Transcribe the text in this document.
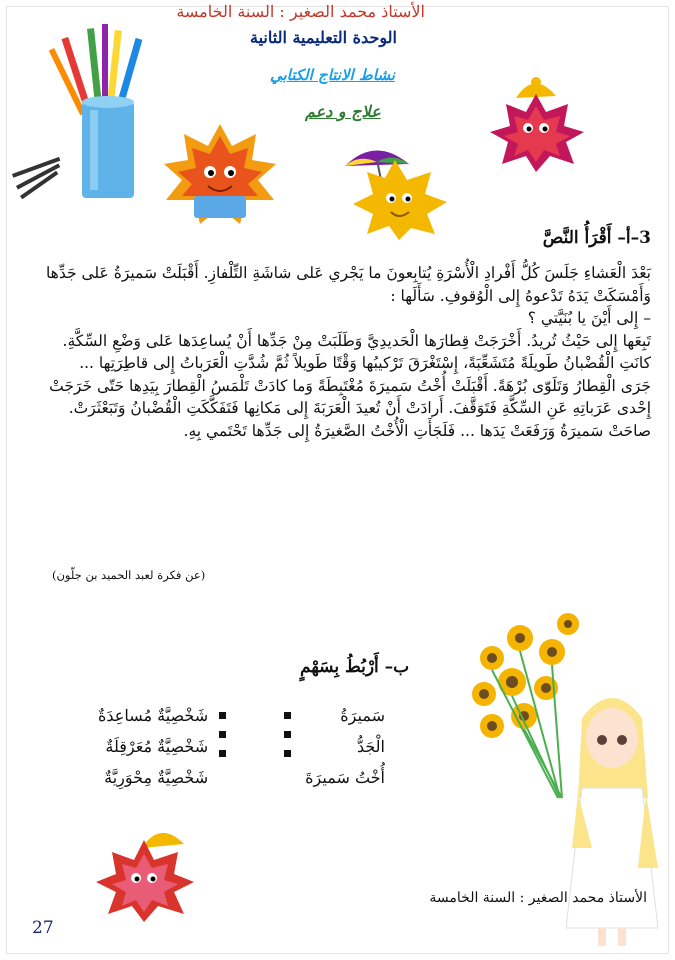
الأستاذ محمد الصغير : السنة الخامسة
الوحدة التعليمية الثانية
نشاط الانتاج الكتابي
علاج و دعم
3–أ– أَقْرَأُ النَّصَّ

بَعْدَ الْعَشاءِ جَلَسَ كُلُّ أَفْرادِ الْأُسْرَةِ يُتابِعونَ ما يَجْري عَلى شاشَةِ التِّلْفازِ. أَقْبَلَتْ سَميرَةُ عَلى جَدِّها وَأَمْسَكَتْ يَدَهُ تَدْعوهُ إِلى الْوُقوفِ. سَأَلَها :

– إِلى أَيْنَ يا بُنَيَّتي ؟

تَبِعَها إِلى حَيْثُ تُريدُ. أَخْرَجَتْ قِطارَها الْحَديدِيَّ وَطَلَبَتْ مِنْ جَدِّها أَنْ يُساعِدَها عَلى وَضْعِ السِّكَّةِ. كانَتِ الْقُضْبانُ طَويلَةً مُتَشَعِّبَةً، إِسْتَغْرَقَ تَرْكيبُها وَقْتًا طَويلاً ثُمَّ شُدَّتِ الْعَرَباتُ إِلى قاطِرَتِها ...

جَرَى الْقِطارُ وَتَلَوّى بُرْهَةً. أَقْبَلَتْ أُخْتُ سَميرَةَ مُغْتَبِطَةً وَما كادَتْ تَلْمَسُ الْقِطارَ بِيَدِها حَتّى خَرَجَتْ إِحْدى عَرَباتِهِ عَنِ السِّكَّةِ فَتَوَقَّفَ. أَرادَتْ أَنْ تُعيدَ الْعَرَبَةَ إِلى مَكانِها فَتَفَكَّكَتِ الْقُضْبانُ وَتَبَعْثَرَتْ.

صاحَتْ سَميرَةُ وَرَفَعَتْ يَدَها ... فَلَجَأَتِ الْأُخْتُ الصَّغيرَةُ إِلى جَدِّها تَحْتَمي بِهِ.

(عن فكرة لعبد الحميد بن جلّون)
ب– أَرْبُطُ بِسَهْمٍ
سَميرَةُ
الْجَدُّ
أُخْتُ سَميرَةَ
شَخْصِيَّةٌ مُساعِدَةٌ
شَخْصِيَّةٌ مُعَرْقِلَةٌ
شَخْصِيَّةٌ مِحْوَرِيَّةٌ
الأستاذ محمد الصغير : السنة الخامسة
27
